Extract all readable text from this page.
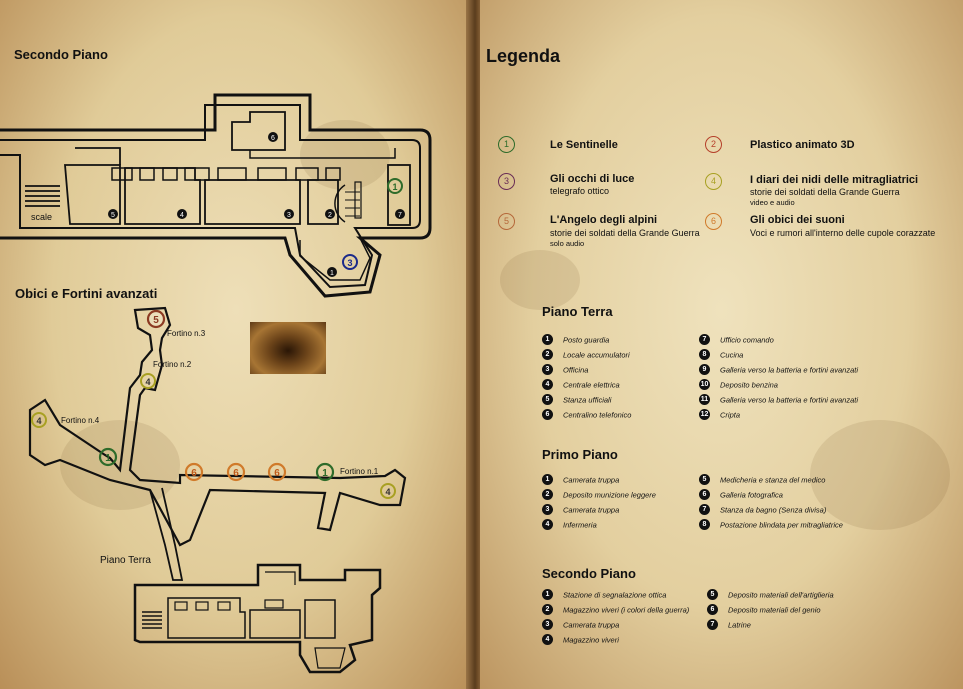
Secondo Piano
Obici e Fortini avanzati
5	4	3	2	7
6
1
3
1
5
4
4
1
6	6	6	1
4
scale
Fortino n.3
Fortino n.2
Fortino n.4
Fortino n.1
Piano Terra
Legenda
1	Le Sentinelle	2	Plastico animato 3D
3	Gli occhi di luce
telegrafo ottico
4	I diari dei nidi delle mitragliatrici
storie dei soldati della Grande Guerra
video e audio
5	L'Angelo degli alpini
storie dei soldati della Grande Guerra
solo audio
6	Gli obici dei suoni
Voci e rumori all'interno delle cupole corazzate
Piano Terra
1 Posto guardia
2 Locale accumulatori
3 Officina
4 Centrale elettrica
5 Stanza ufficiali
6 Centralino telefonico
7 Ufficio comando
8 Cucina
9 Galleria verso la batteria e fortini avanzati
10 Deposito benzina
11 Galleria verso la batteria e fortini avanzati
12 Cripta
Primo Piano
1 Camerata truppa
2 Deposito munizione leggere
3 Camerata truppa
4 Infermeria
5 Medicheria e stanza del medico
6 Galleria fotografica
7 Stanza da bagno (Senza divisa)
8 Postazione blindata per mitragliatrice
Secondo Piano
1 Stazione di segnalazione ottica
2 Magazzino viveri (i colori della guerra)
3 Camerata truppa
4 Magazzino viveri
5 Deposito materiali dell'artiglieria
6 Deposito materiali del genio
7 Latrine
